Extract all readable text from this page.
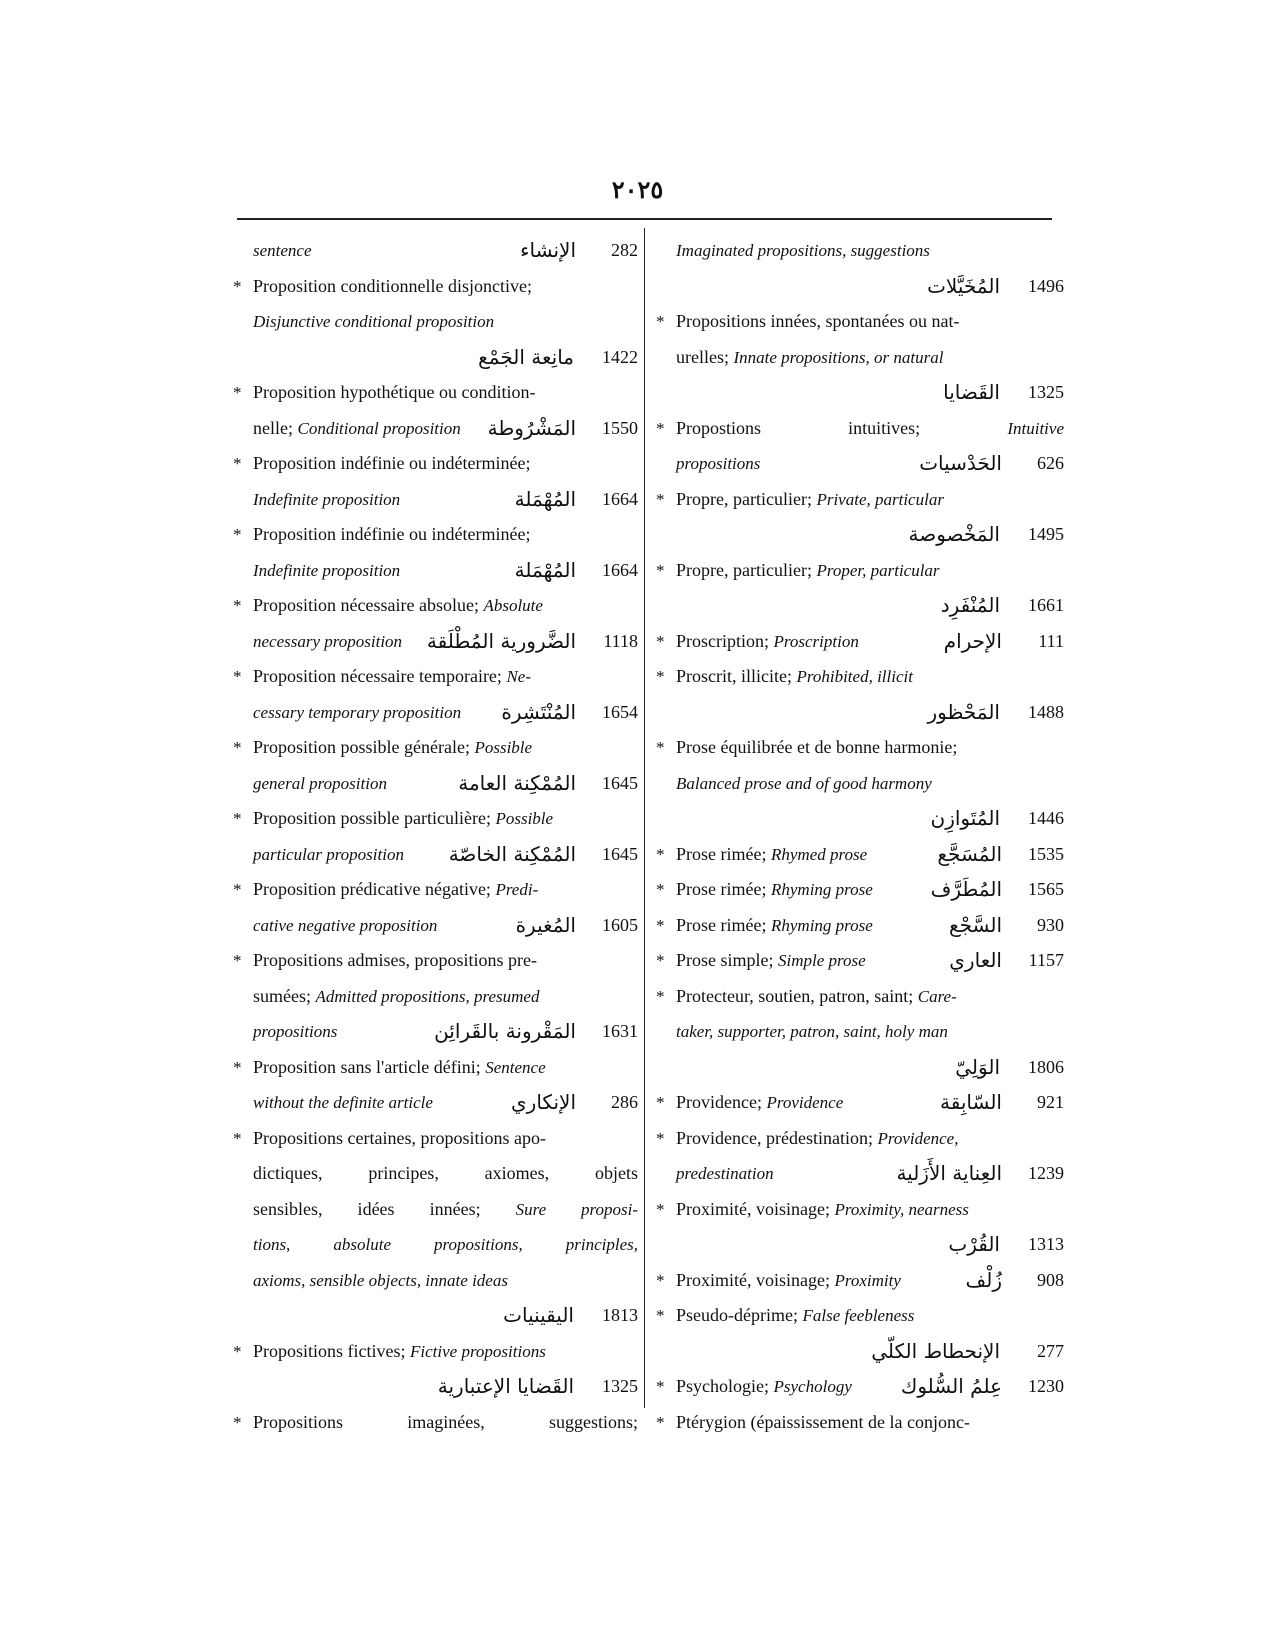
٢٠٢٥
sentence	الإنشاء	282
* Proposition conditionnelle disjonctive;
Disjunctive conditional proposition
مانِعة الجَمْع	1422
* Proposition hypothétique ou condition-
nelle; Conditional proposition	المَشْرُوطة	1550
* Proposition indéfinie ou indéterminée;
Indefinite proposition	المُهْمَلة	1664
* Proposition indéfinie ou indéterminée;
Indefinite proposition	المُهْمَلة	1664
* Proposition nécessaire absolue; Absolute
necessary proposition	الضَّرورية المُطْلَقة	1118
* Proposition nécessaire temporaire; Ne-
cessary temporary proposition	المُنْتَشِرة	1654
* Proposition possible générale; Possible
general proposition	المُمْكِنة العامة	1645
* Proposition possible particulière; Possible
particular proposition	المُمْكِنة الخاصّة	1645
* Proposition prédicative négative; Predi-
cative negative proposition	المُغيرة	1605
* Propositions admises, propositions pre-
sumées; Admitted propositions, presumed
propositions	المَقْرونة بالقَرائِن	1631
* Proposition sans l'article défini; Sentence
without the definite article	الإنكاري	286
* Propositions certaines, propositions apo-
dictiques, principes, axiomes, objets
sensibles, idées innées; Sure proposi-
tions, absolute propositions, principles,
axioms, sensible objects, innate ideas
اليقينيات	1813
* Propositions fictives; Fictive propositions
القَضايا الإعتبارية	1325
* Propositions imaginées, suggestions;
Imaginated propositions, suggestions
المُخَيَّلات	1496
* Propositions innées, spontanées ou nat-
urelles; Innate propositions, or natural
القَضايا	1325
* Propostions intuitives; Intuitive
propositions	الحَدْسيات	626
* Propre, particulier; Private, particular
المَخْصوصة	1495
* Propre, particulier; Proper, particular
المُنْفَرِد	1661
* Proscription; Proscription	الإحرام	111
* Proscrit, illicite; Prohibited, illicit
المَحْظور	1488
* Prose équilibrée et de bonne harmonie;
Balanced prose and of good harmony
المُتَوازِن	1446
* Prose rimée; Rhymed prose	المُسَجَّع	1535
* Prose rimée; Rhyming prose	المُطَرَّف	1565
* Prose rimée; Rhyming prose	السَّجْع	930
* Prose simple; Simple prose	العاري	1157
* Protecteur, soutien, patron, saint; Care-
taker, supporter, patron, saint, holy man
الوَلِيّ	1806
* Providence; Providence	السّابِقة	921
* Providence, prédestination; Providence,
predestination	العِناية الأَزَلية	1239
* Proximité, voisinage; Proximity, nearness
القُرْب	1313
* Proximité, voisinage; Proximity	زُلْف	908
* Pseudo-déprime; False feebleness
الإنحطاط الكلّي	277
* Psychologie; Psychology	عِلمُ السُّلوك	1230
* Ptérygion (épaississement de la conjonc-
